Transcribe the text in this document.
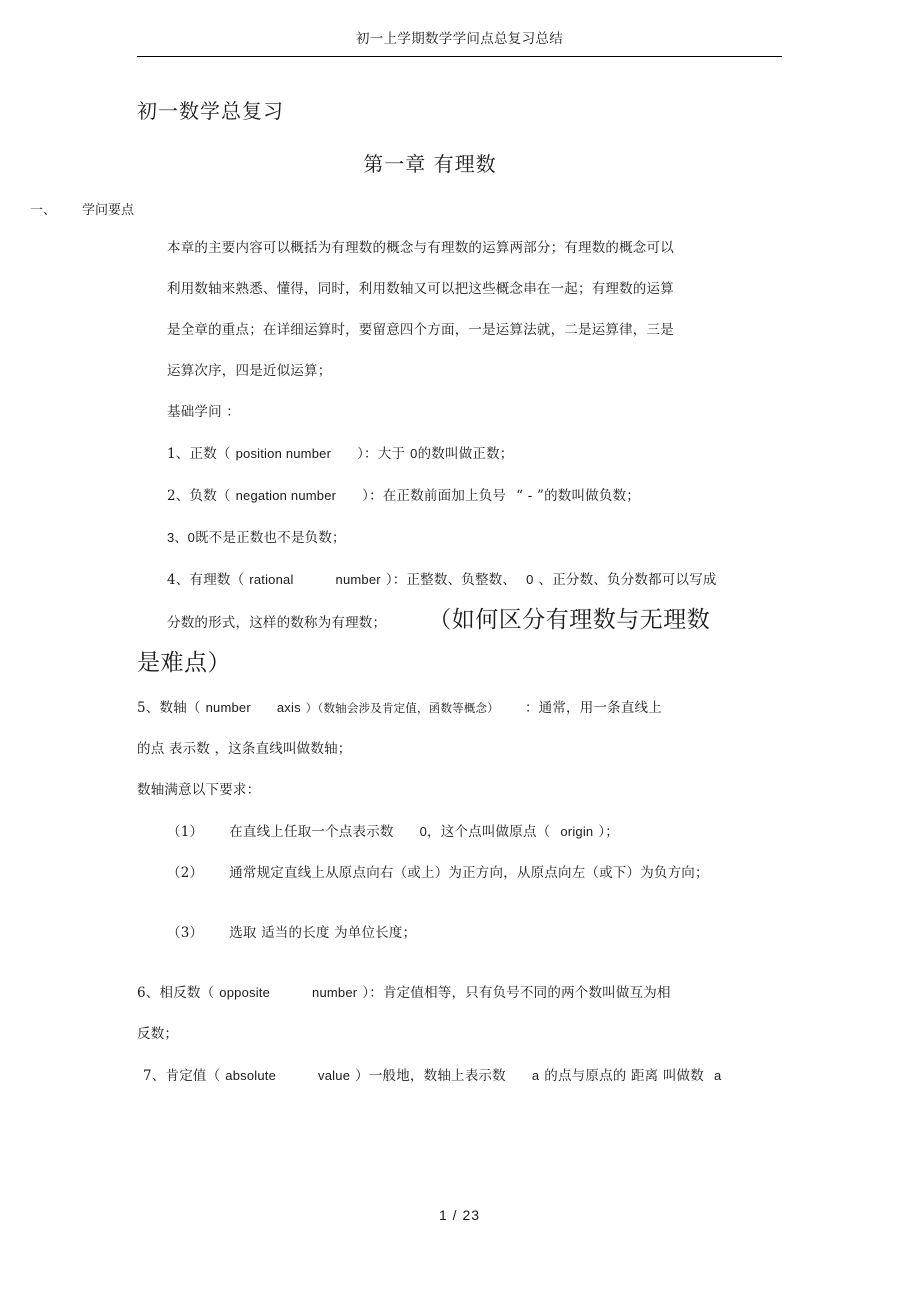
初一上学期数学学问点总复习总结
初一数学总复习
第一章 有理数
一、 学问要点
本章的主要内容可以概括为有理数的概念与有理数的运算两部分；有理数的概念可以
利用数轴来熟悉、懂得，同时，利用数轴又可以把这些概念串在一起；有理数的运算
是全章的重点；在详细运算时，要留意四个方面，一是运算法就，二是运算律，三是
运算次序，四是近似运算；
基础学问 ：
1、正数（ position number ）：大于 0的数叫做正数；
2、负数（ negation number ）：在正数前面加上负号 “ - ”的数叫做负数；
3、0既不是正数也不是负数；
4、有理数（ rational	number ）：正整数、负整数、 0 、正分数、负分数都可以写成
分数的形式，这样的数称为有理数； （如何区分有理数与无理数
是难点）
5、数轴（ number axis ）（数轴会涉及肯定值，函数等概念） ：通常，用一条直线上
的点 表示数 ，这条直线叫做数轴；
数轴满意以下要求：
（1） 在直线上任取一个点表示数 0，这个点叫做原点（ origin ）；
（2） 通常规定直线上从原点向右（或上）为正方向，从原点向左（或下）为负方向；
（3） 选取 适当的长度 为单位长度；
6、相反数（ opposite	number ）：肯定值相等，只有负号不同的两个数叫做互为相
反数；
7、肯定值（ absolute	value ）一般地，数轴上表示数 a 的点与原点的 距离 叫做数 a
1 / 23
